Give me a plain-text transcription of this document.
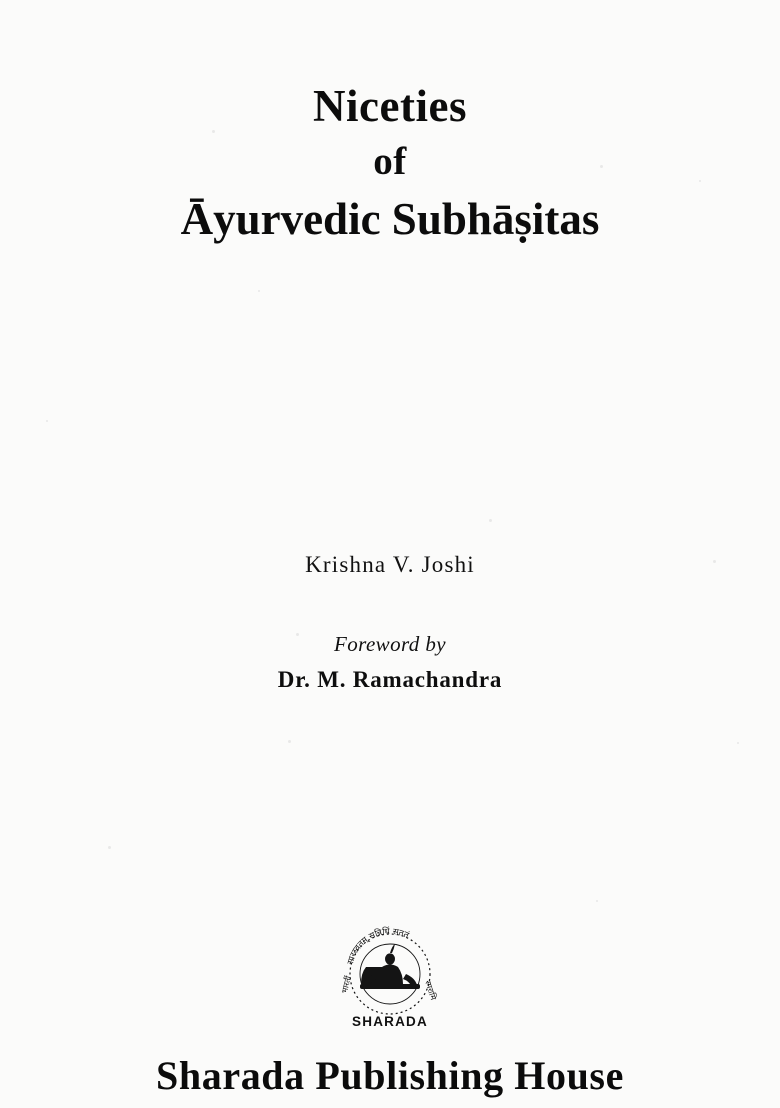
Niceties
of
Āyurvedic Subhāṣitas
Krishna V. Joshi
Foreword by
Dr. M. Ramachandra
सारस्वतम् सन्निधिं सततं
भारतीं	स्मरामि
SHARADA
Sharada Publishing House
